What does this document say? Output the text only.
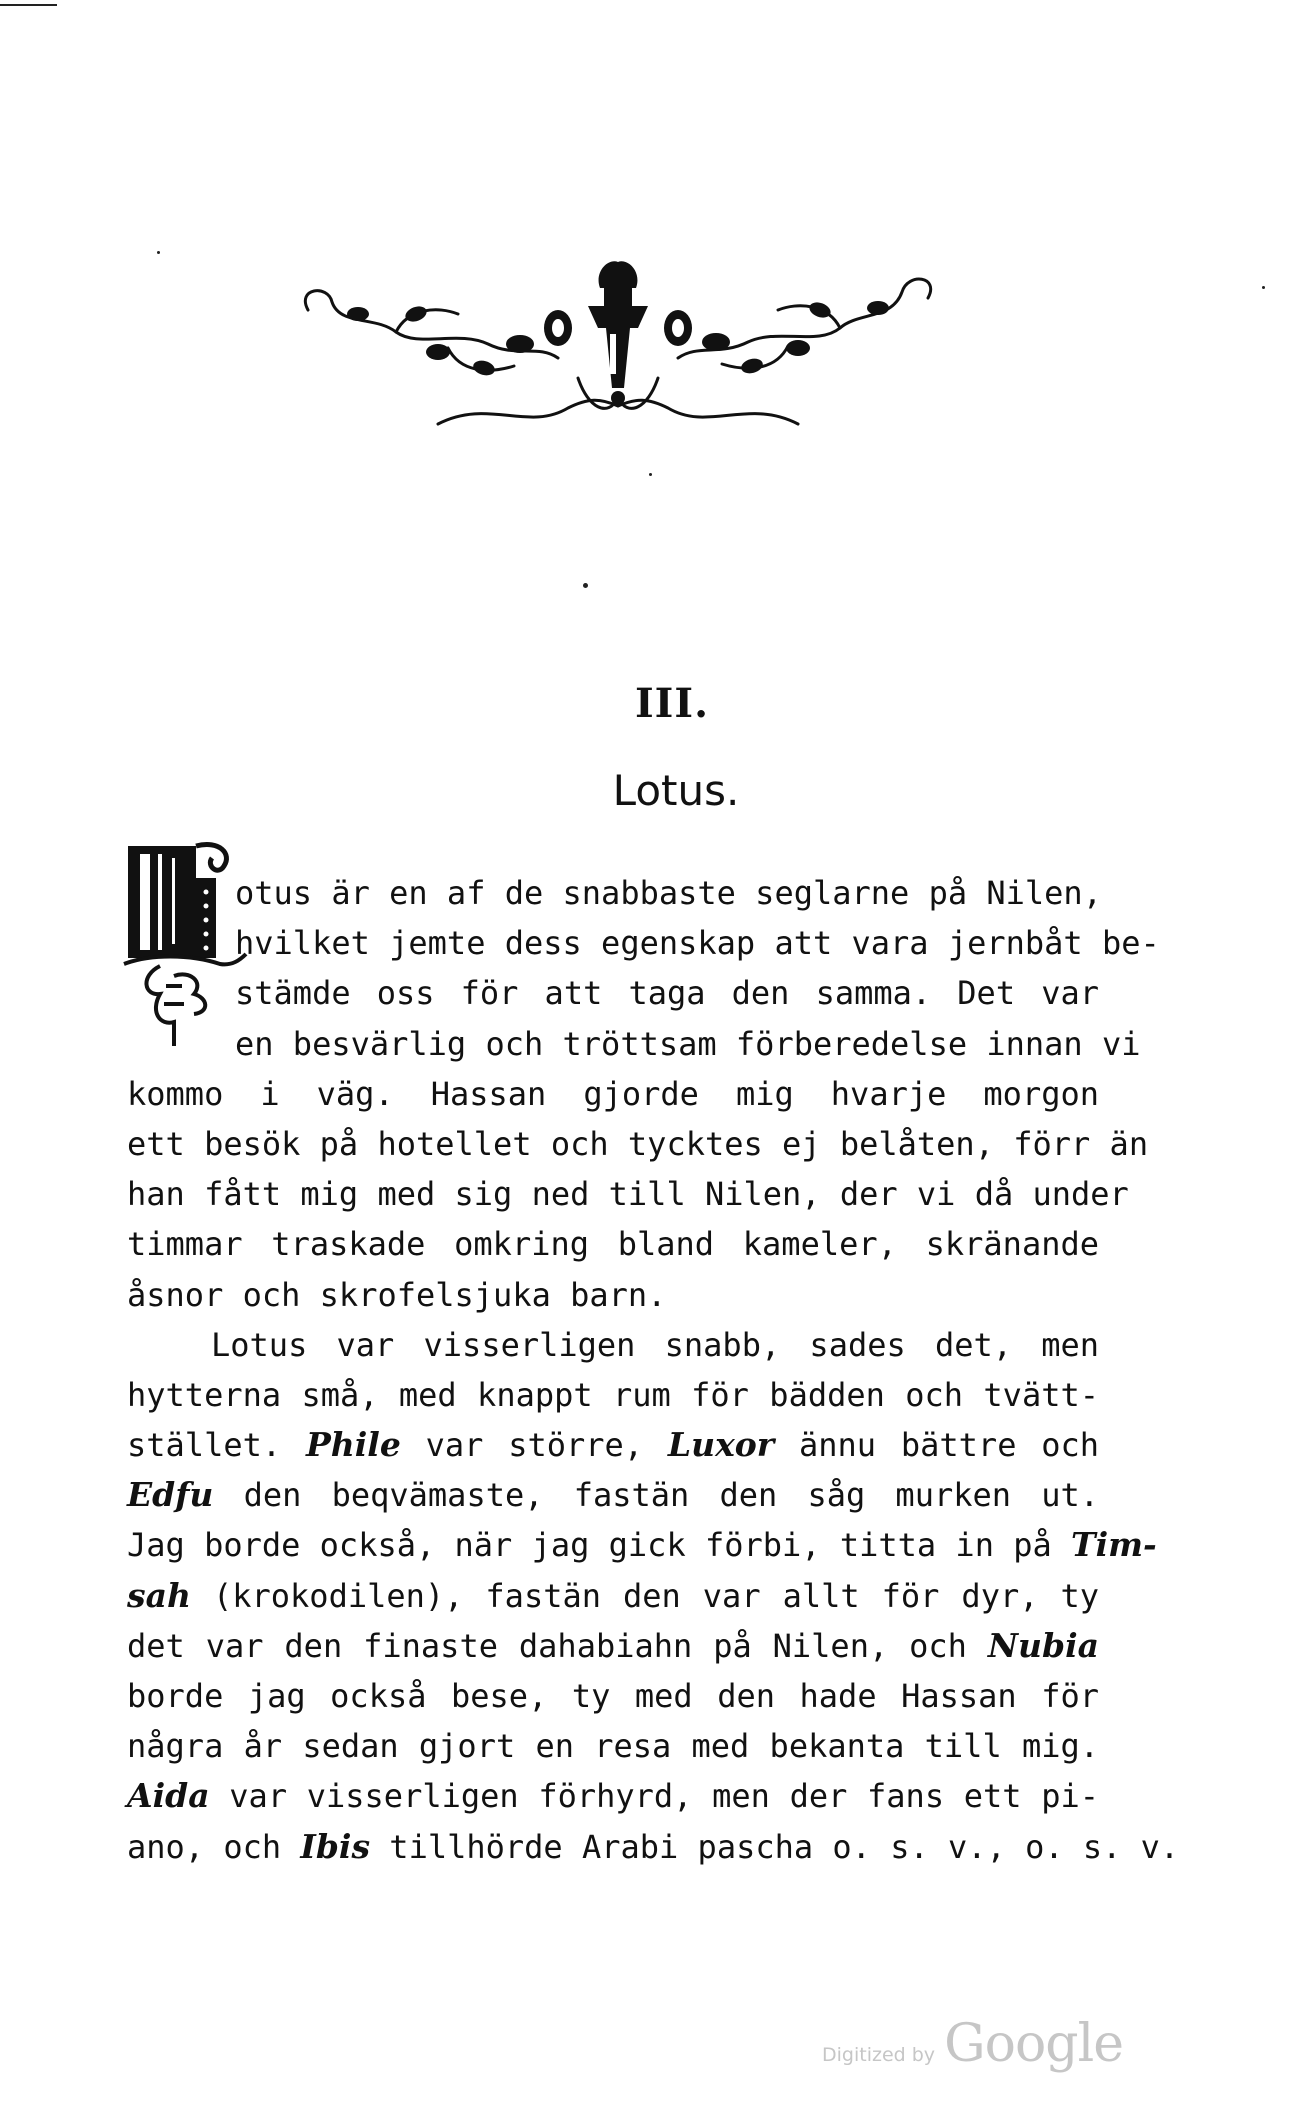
III.
Lotus.
L
otus är en af de snabbaste seglarne på Nilen,
hvilket jemte dess egenskap att vara jernbåt be-
stämde oss för att taga den samma. Det var
en besvärlig och tröttsam förberedelse innan vi
kommo i väg. Hassan gjorde mig hvarje morgon
ett besök på hotellet och tycktes ej belåten, förr än
han fått mig med sig ned till Nilen, der vi då under
timmar traskade omkring bland kameler, skränande
åsnor och skrofelsjuka barn.
Lotus var visserligen snabb, sades det, men
hytterna små, med knappt rum för bädden och tvätt-
stället. Phile var större, Luxor ännu bättre och
Edfu den beqvämaste, fastän den såg murken ut.
Jag borde också, när jag gick förbi, titta in på Tim-
sah (krokodilen), fastän den var allt för dyr, ty
det var den finaste dahabiahn på Nilen, och Nubia
borde jag också bese, ty med den hade Hassan för
några år sedan gjort en resa med bekanta till mig.
Aida var visserligen förhyrd, men der fans ett pi-
ano, och Ibis tillhörde Arabi pascha o. s. v., o. s. v.
Digitized by Google
